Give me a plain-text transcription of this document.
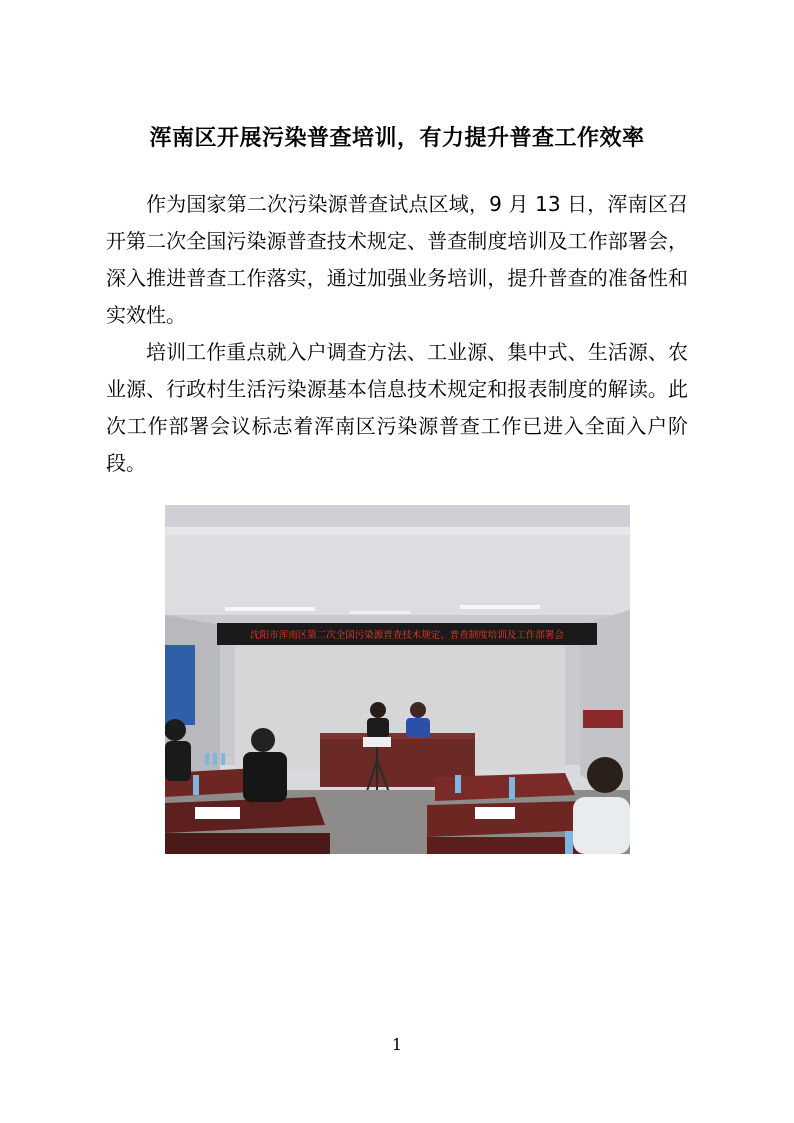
浑南区开展污染普查培训，有力提升普查工作效率

作为国家第二次污染源普查试点区域，9 月 13 日，浑南区召开第二次全国污染源普查技术规定、普查制度培训及工作部署会，深入推进普查工作落实，通过加强业务培训，提升普查的准备性和实效性。

培训工作重点就入户调查方法、工业源、集中式、生活源、农业源、行政村生活污染源基本信息技术规定和报表制度的解读。此次工作部署会议标志着浑南区污染源普查工作已进入全面入户阶段。

沈阳市浑南区第二次全国污染源普查技术规定、普查制度培训及工作部署会
1
